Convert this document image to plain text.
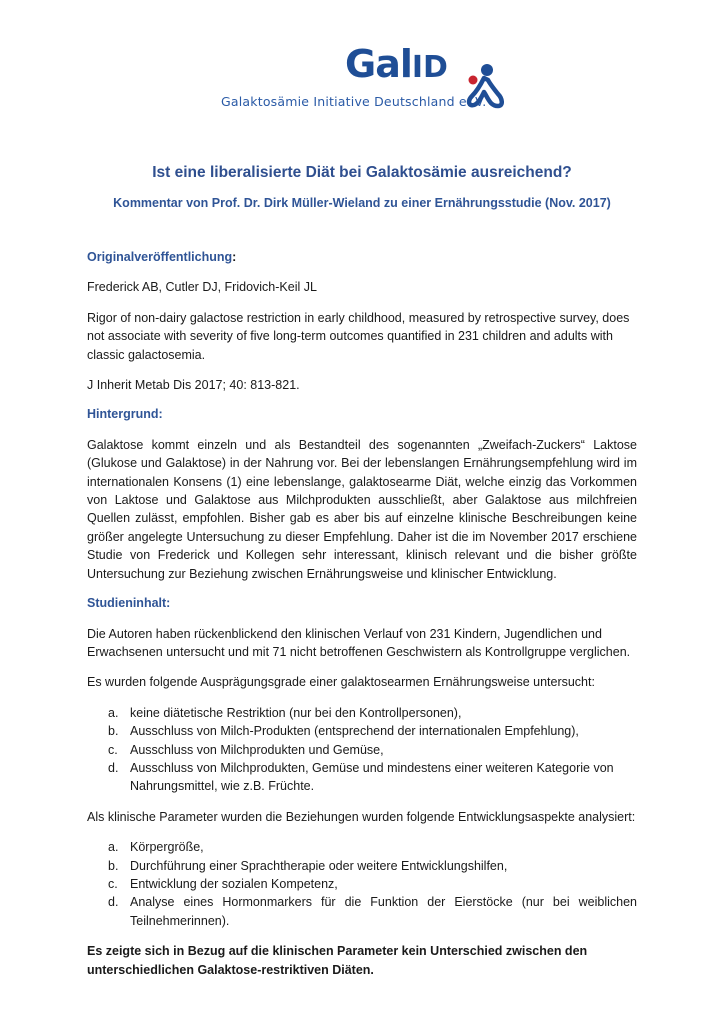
GalID
Galaktosämie Initiative Deutschland e. V.
Ist eine liberalisierte Diät bei Galaktosämie ausreichend?
Kommentar von Prof. Dr. Dirk Müller-Wieland zu einer Ernährungsstudie (Nov. 2017)

Originalveröffentlichung:

Frederick AB, Cutler DJ, Fridovich-Keil JL

Rigor of non-dairy galactose restriction in early childhood, measured by retrospective survey, does not associate with severity of five long-term outcomes quantified in 231 children and adults with classic galactosemia.

J Inherit Metab Dis 2017; 40: 813-821.

Hintergrund:

Galaktose kommt einzeln und als Bestandteil des sogenannten „Zweifach-Zuckers“ Laktose (Glukose und Galaktose) in der Nahrung vor. Bei der lebenslangen Ernährungsempfehlung wird im internationalen Konsens (1) eine lebenslange, galaktosearme Diät, welche einzig das Vorkommen von Laktose und Galaktose aus Milchprodukten ausschließt, aber Galaktose aus milchfreien Quellen zulässt, empfohlen. Bisher gab es aber bis auf einzelne klinische Beschreibungen keine größer angelegte Untersuchung zu dieser Empfehlung. Daher ist die im November 2017 erschiene Studie von Frederick und Kollegen sehr interessant, klinisch relevant und die bisher größte Untersuchung zur Beziehung zwischen Ernährungsweise und klinischer Entwicklung.

Studieninhalt:

Die Autoren haben rückenblickend den klinischen Verlauf von 231 Kindern, Jugendlichen und Erwachsenen untersucht und mit 71 nicht betroffenen Geschwistern als Kontrollgruppe verglichen.

Es wurden folgende Ausprägungsgrade einer galaktosearmen Ernährungsweise untersucht:

a. keine diätetische Restriktion (nur bei den Kontrollpersonen),
b. Ausschluss von Milch-Produkten (entsprechend der internationalen Empfehlung),
c. Ausschluss von Milchprodukten und Gemüse,
d. Ausschluss von Milchprodukten, Gemüse und mindestens einer weiteren Kategorie von Nahrungsmittel, wie z.B. Früchte.

Als klinische Parameter wurden die Beziehungen wurden folgende Entwicklungsaspekte analysiert:

a. Körpergröße,
b. Durchführung einer Sprachtherapie oder weitere Entwicklungshilfen,
c. Entwicklung der sozialen Kompetenz,
d. Analyse eines Hormonmarkers für die Funktion der Eierstöcke (nur bei weiblichen Teilnehmerinnen).

Es zeigte sich in Bezug auf die klinischen Parameter kein Unterschied zwischen den unterschiedlichen Galaktose-restriktiven Diäten.
